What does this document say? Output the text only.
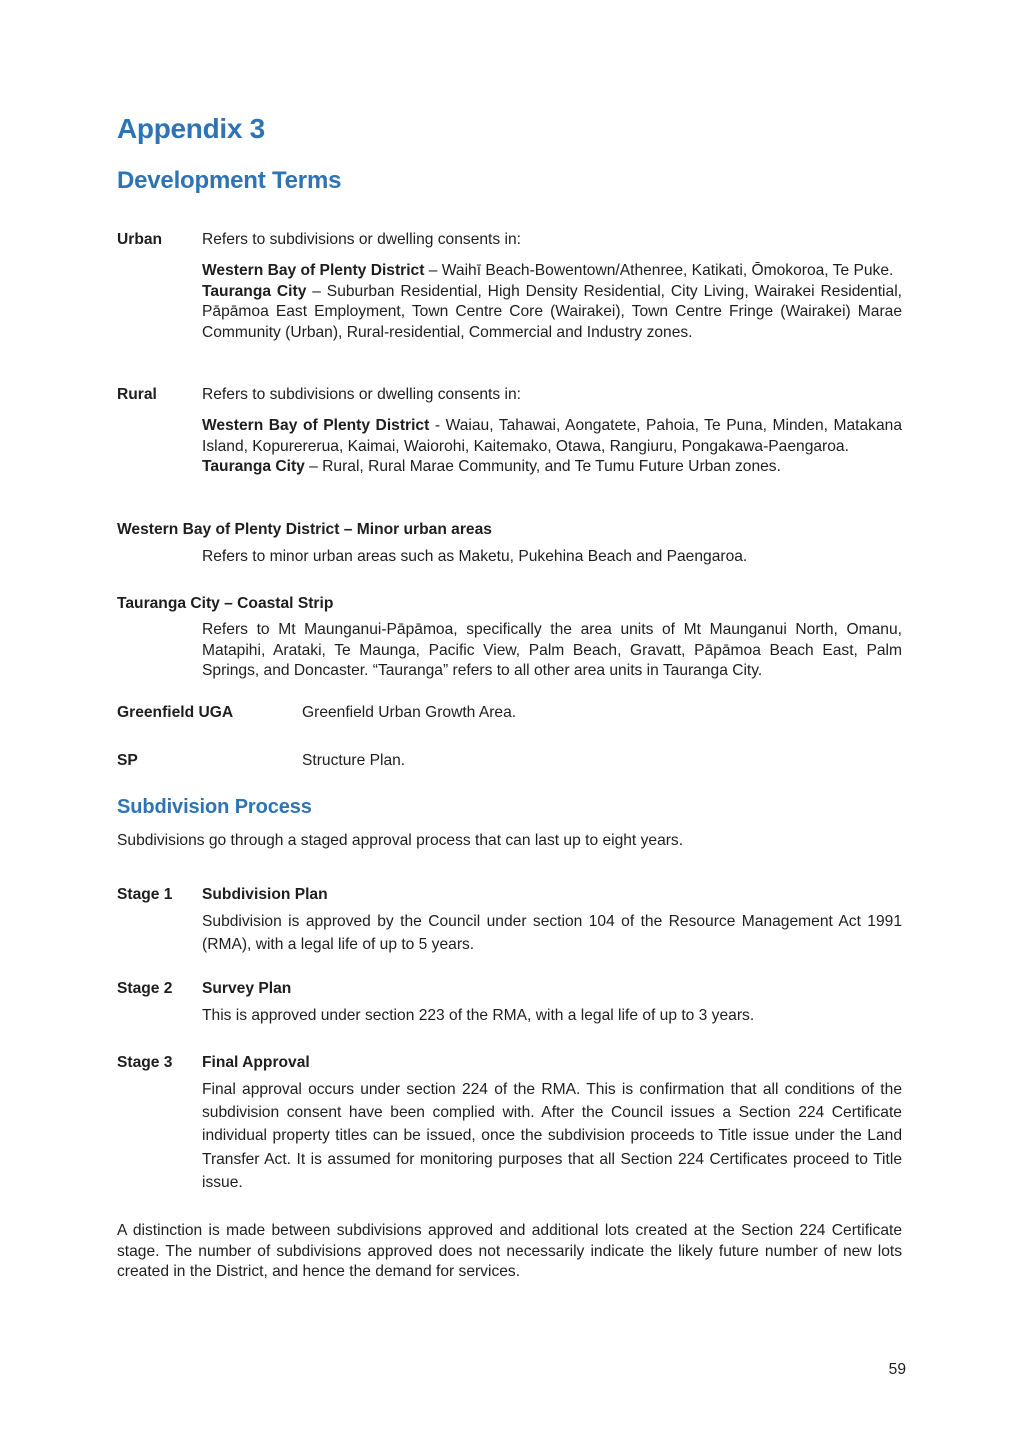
Appendix 3
Development Terms
Urban	Refers to subdivisions or dwelling consents in:
Western Bay of Plenty District – Waihī Beach-Bowentown/Athenree, Katikati, Ōmokoroa, Te Puke.
Tauranga City – Suburban Residential, High Density Residential, City Living, Wairakei Residential, Pāpāmoa East Employment, Town Centre Core (Wairakei), Town Centre Fringe (Wairakei) Marae Community (Urban), Rural-residential, Commercial and Industry zones.
Rural	Refers to subdivisions or dwelling consents in:
Western Bay of Plenty District - Waiau, Tahawai, Aongatete, Pahoia, Te Puna, Minden, Matakana Island, Kopurererua, Kaimai, Waiorohi, Kaitemako, Otawa, Rangiuru, Pongakawa-Paengaroa.
Tauranga City – Rural, Rural Marae Community, and Te Tumu Future Urban zones.
Western Bay of Plenty District – Minor urban areas
Refers to minor urban areas such as Maketu, Pukehina Beach and Paengaroa.
Tauranga City – Coastal Strip
Refers to Mt Maunganui-Pāpāmoa, specifically the area units of Mt Maunganui North, Omanu, Matapihi, Arataki, Te Maunga, Pacific View, Palm Beach, Gravatt, Pāpāmoa Beach East, Palm Springs, and Doncaster. “Tauranga” refers to all other area units in Tauranga City.
Greenfield UGA	Greenfield Urban Growth Area.
SP	Structure Plan.
Subdivision Process
Subdivisions go through a staged approval process that can last up to eight years.
Stage 1 Subdivision Plan
Subdivision is approved by the Council under section 104 of the Resource Management Act 1991 (RMA), with a legal life of up to 5 years.
Stage 2 Survey Plan
This is approved under section 223 of the RMA, with a legal life of up to 3 years.
Stage 3 Final Approval
Final approval occurs under section 224 of the RMA. This is confirmation that all conditions of the subdivision consent have been complied with. After the Council issues a Section 224 Certificate individual property titles can be issued, once the subdivision proceeds to Title issue under the Land Transfer Act. It is assumed for monitoring purposes that all Section 224 Certificates proceed to Title issue.
A distinction is made between subdivisions approved and additional lots created at the Section 224 Certificate stage. The number of subdivisions approved does not necessarily indicate the likely future number of new lots created in the District, and hence the demand for services.
59
